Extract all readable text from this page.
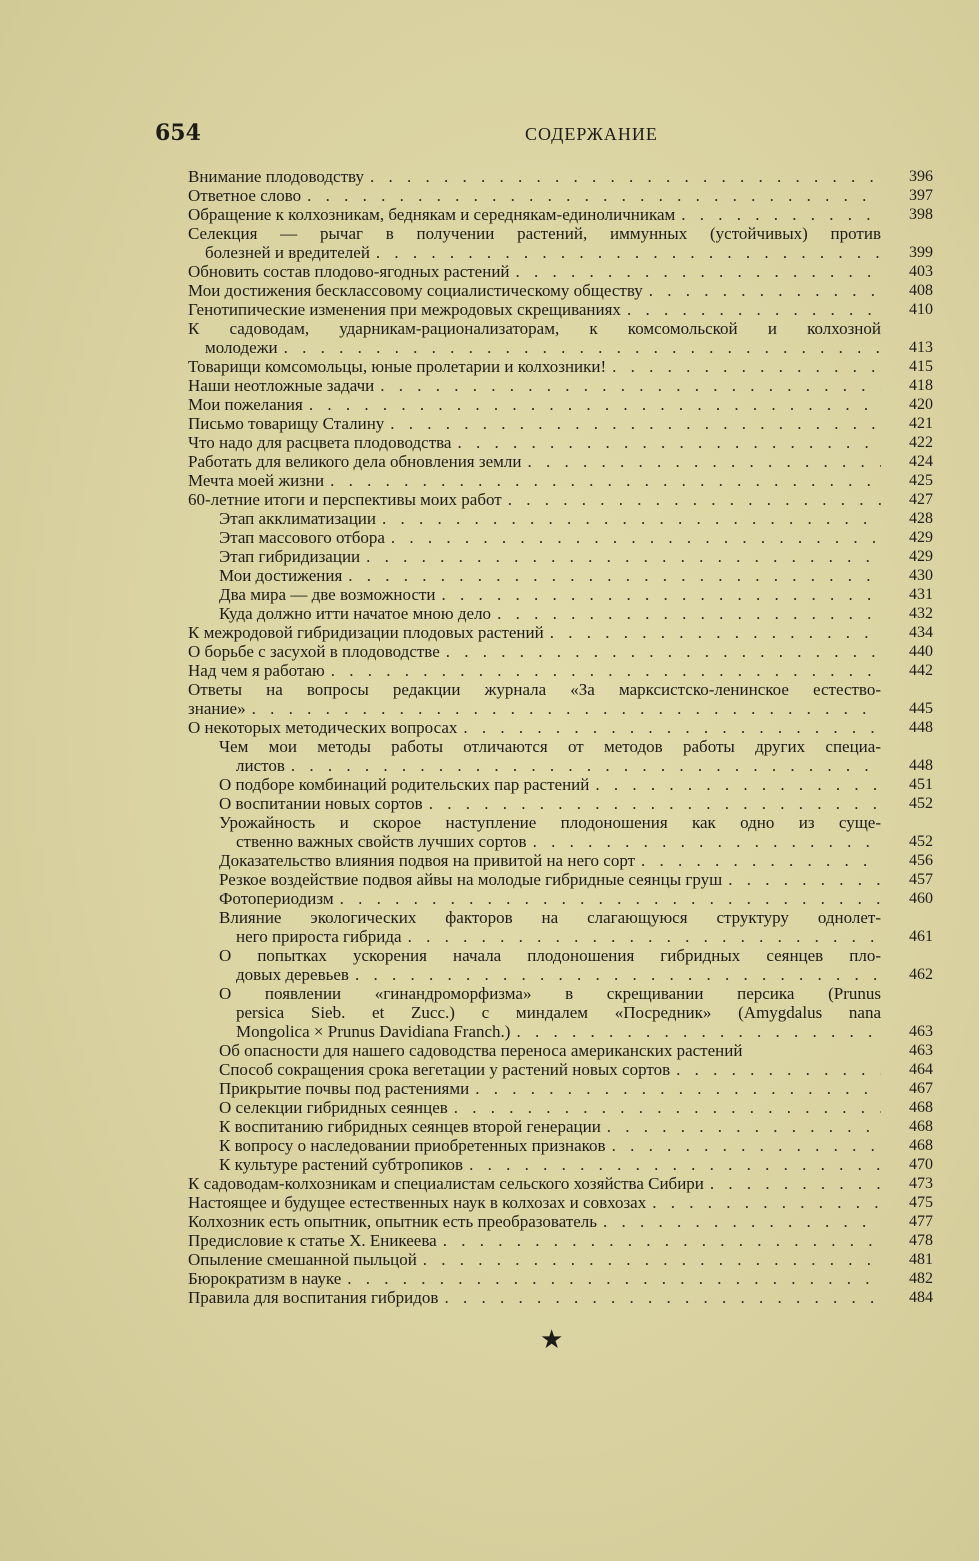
654	СОДЕРЖАНИЕ
Внимание плодоводству . . .	396
Ответное слово . . .	397
Обращение к колхозникам, беднякам и середнякам-единоличникам . . .	398
Селекция — рычаг в получении растений, иммунных (устойчивых) против
болезней и вредителей . . .	399
Обновить состав плодово-ягодных растений . . .	403
Мои достижения бесклассовому социалистическому обществу . . .	408
Генотипические изменения при межродовых скрещиваниях . . .	410
К садоводам, ударникам-рационализаторам, к комсомольской и колхозной
молодежи . . .	413
Товарищи комсомольцы, юные пролетарии и колхозники! . . .	415
Наши неотложные задачи . . .	418
Мои пожелания . . .	420
Письмо товарищу Сталину . . .	421
Что надо для расцвета плодоводства . . .	422
Работать для великого дела обновления земли . . .	424
Мечта моей жизни . . .	425
60-летние итоги и перспективы моих работ . . .	427
Этап акклиматизации . . .	428
Этап массового отбора . . .	429
Этап гибридизации . . .	429
Мои достижения . . .	430
Два мира — две возможности . . .	431
Куда должно итти начатое мною дело . . .	432
К межродовой гибридизации плодовых растений . . .	434
О борьбе с засухой в плодоводстве . . .	440
Над чем я работаю . . .	442
Ответы на вопросы редакции журнала «За марксистско-ленинское естество-
знание» . . .	445
О некоторых методических вопросах . . .	448
Чем мои методы работы отличаются от методов работы других специа-
листов . . .	448
О подборе комбинаций родительских пар растений . . .	451
О воспитании новых сортов . . .	452
Урожайность и скорое наступление плодоношения как одно из суще-
ственно важных свойств лучших сортов . . .	452
Доказательство влияния подвоя на привитой на него сорт . . .	456
Резкое воздействие подвоя айвы на молодые гибридные сеянцы груш . . .	457
Фотопериодизм . . .	460
Влияние экологических факторов на слагающуюся структуру однолет-
него прироста гибрида . . .	461
О попытках ускорения начала плодоношения гибридных сеянцев пло-
довых деревьев . . .	462
О появлении «гинандроморфизма» в скрещивании персика (Prunus
persica Sieb. et Zucc.) с миндалем «Посредник» (Amygdalus nana
Mongolica × Prunus Davidiana Franch.) . . .	463
Об опасности для нашего садоводства переноса американских растений	463
Способ сокращения срока вегетации у растений новых сортов . . .	464
Прикрытие почвы под растениями . . .	467
О селекции гибридных сеянцев . . .	468
К воспитанию гибридных сеянцев второй генерации . . .	468
К вопросу о наследовании приобретенных признаков . . .	468
К культуре растений субтропиков . . .	470
К садоводам-колхозникам и специалистам сельского хозяйства Сибири . . .	473
Настоящее и будущее естественных наук в колхозах и совхозах . . .	475
Колхозник есть опытник, опытник есть преобразователь . . .	477
Предисловие к статье X. Еникеева . . .	478
Опыление смешанной пыльцой . . .	481
Бюрократизм в науке . . .	482
Правила для воспитания гибридов . . .	484
★
